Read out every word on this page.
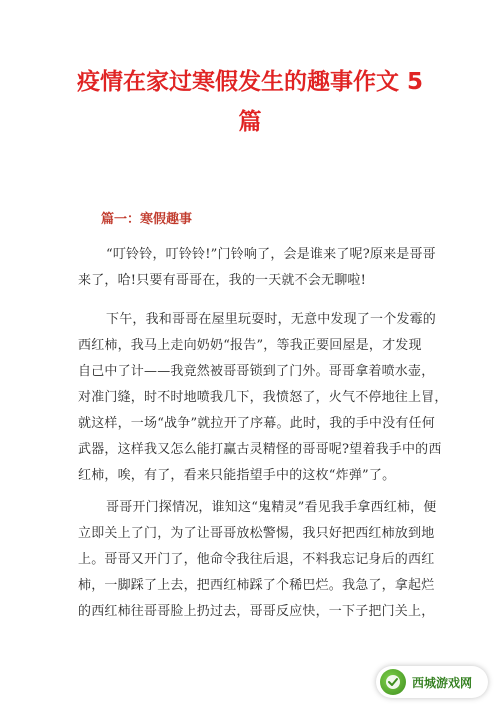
疫情在家过寒假发生的趣事作文 5
篇
篇一：寒假趣事
“叮铃铃，叮铃铃!”门铃响了，会是谁来了呢?原来是哥哥
来了，哈!只要有哥哥在，我的一天就不会无聊啦!
下午，我和哥哥在屋里玩耍时，无意中发现了一个发霉的
西红柿，我马上走向奶奶“报告”，等我正要回屋是，才发现
自己中了计——我竟然被哥哥锁到了门外。哥哥拿着喷水壶，
对准门缝，时不时地喷我几下，我愤怒了，火气不停地往上冒，
就这样，一场“战争”就拉开了序幕。此时，我的手中没有任何
武器，这样我又怎么能打赢古灵精怪的哥哥呢?望着我手中的西
红柿，唉，有了，看来只能指望手中的这枚“炸弹”了。
哥哥开门探情况，谁知这“鬼精灵”看见我手拿西红柿，便
立即关上了门，为了让哥哥放松警惕，我只好把西红柿放到地
上。哥哥又开门了，他命令我往后退，不料我忘记身后的西红
柿，一脚踩了上去，把西红柿踩了个稀巴烂。我急了，拿起烂
的西红柿往哥哥脸上扔过去，哥哥反应快，一下子把门关上，
西城游戏网
